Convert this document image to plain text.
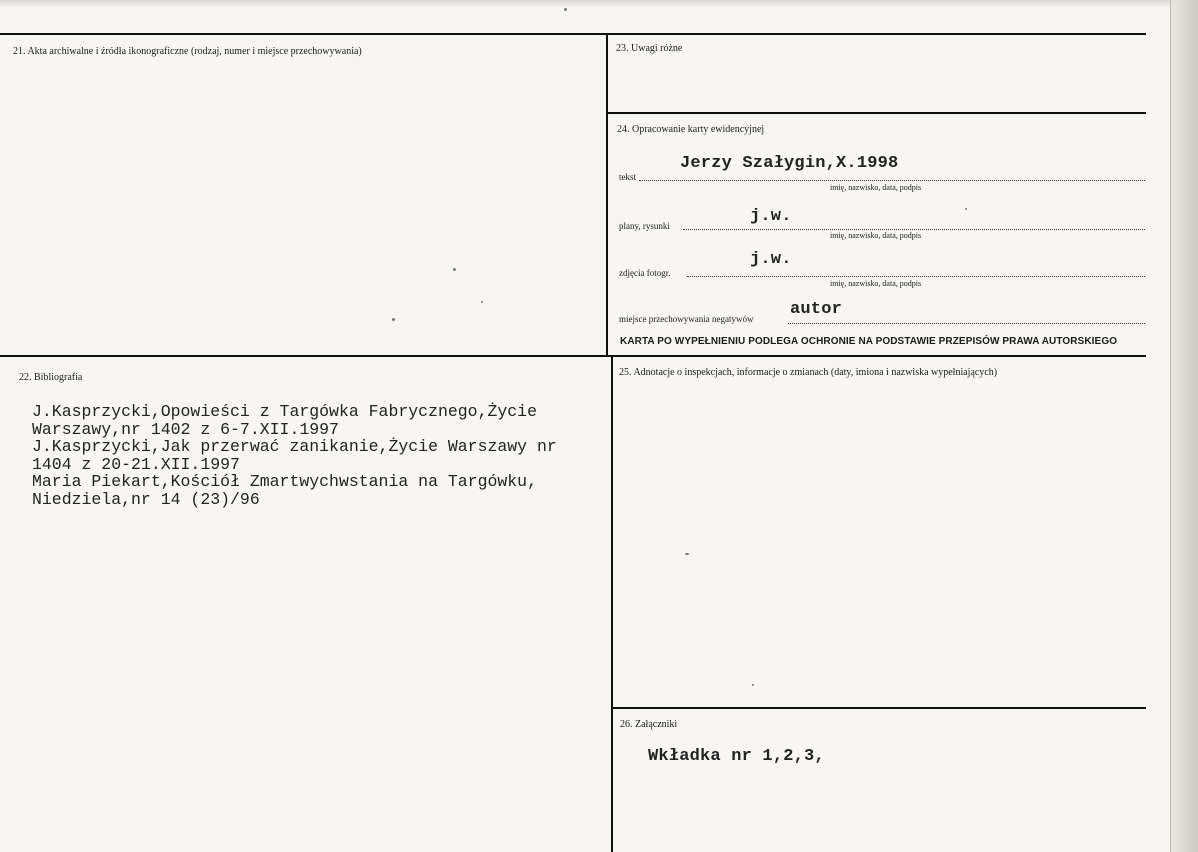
21. Akta archiwalne i źródła ikonograficzne (rodzaj, numer i miejsce przechowywania)	23. Uwagi różne
24. Opracowanie karty ewidencyjnej
Jerzy Szałygin,X.1998
tekst
imię, nazwisko, data, podpis
j.w.
plany, rysunki
imię, nazwisko, data, podpis
j.w.
zdjęcia fotogr.
imię, nazwisko, data, podpis
autor
miejsce przechowywania negatywów
KARTA PO WYPEŁNIENIU PODLEGA OCHRONIE NA PODSTAWIE PRZEPISÓW PRAWA AUTORSKIEGO
22. Bibliografia
J.Kasprzycki,Opowieści z Targówka Fabrycznego,Życie
Warszawy,nr 1402 z 6-7.XII.1997
J.Kasprzycki,Jak przerwać zanikanie,Życie Warszawy nr
1404 z 20-21.XII.1997
Maria Piekart,Kościół Zmartwychwstania na Targówku,
Niedziela,nr 14 (23)/96
25. Adnotacje o inspekcjach, informacje o zmianach (daty, imiona i nazwiska wypełniających)
26. Załączniki
Wkładka nr 1,2,3,
